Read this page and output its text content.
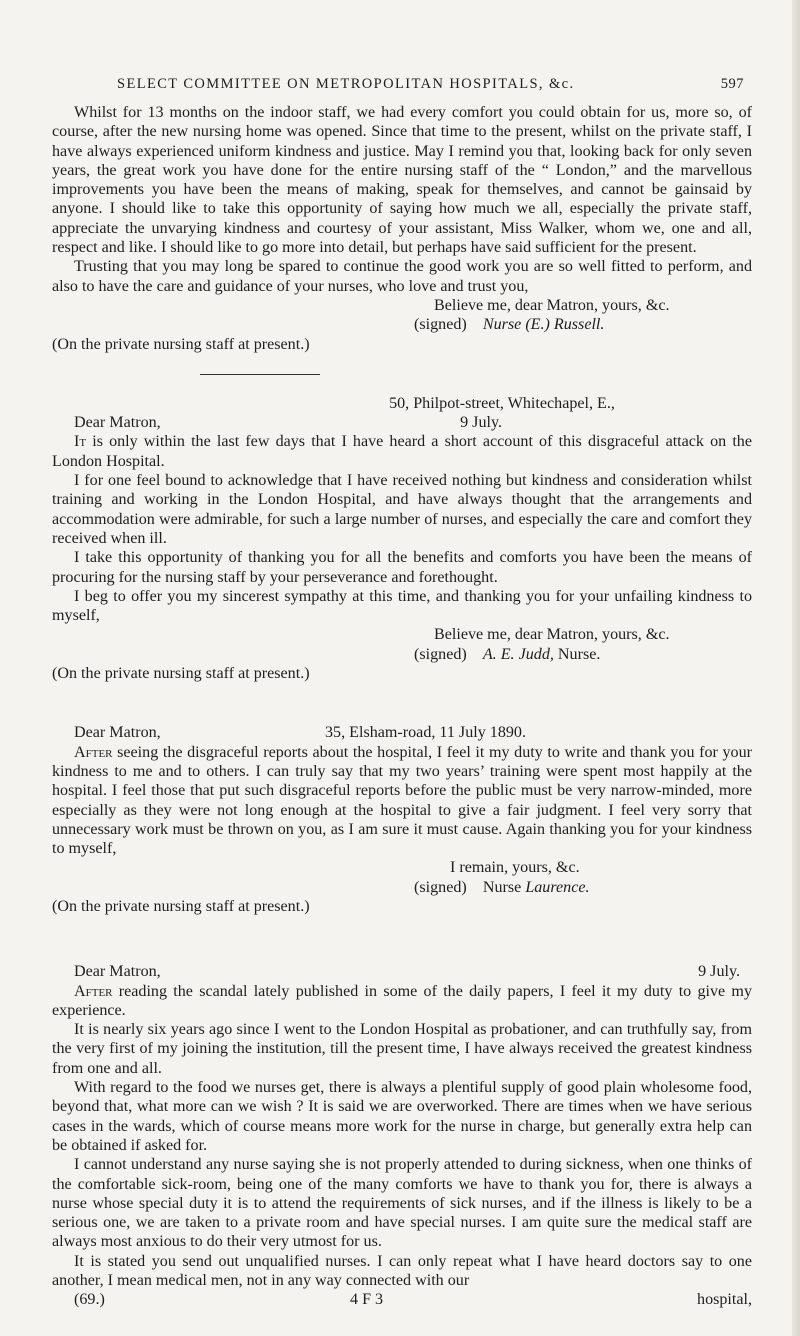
SELECT COMMITTEE ON METROPOLITAN HOSPITALS, &c.	597

Whilst for 13 months on the indoor staff, we had every comfort you could obtain for us, more so, of course, after the new nursing home was opened. Since that time to the present, whilst on the private staff, I have always experienced uniform kindness and justice. May I remind you that, looking back for only seven years, the great work you have done for the entire nursing staff of the “ London,” and the marvellous improvements you have been the means of making, speak for themselves, and cannot be gainsaid by anyone. I should like to take this opportunity of saying how much we all, especially the private staff, appreciate the unvarying kindness and courtesy of your assistant, Miss Walker, whom we, one and all, respect and like. I should like to go more into detail, but perhaps have said sufficient for the present.

Trusting that you may long be spared to continue the good work you are so well fitted to perform, and also to have the care and guidance of your nurses, who love and trust you,

Believe me, dear Matron, yours, &c.

(signed) Nurse (E.) Russell.

(On the private nursing staff at present.)

50, Philpot-street, Whitechapel, E.,

Dear Matron,	9 July.

It is only within the last few days that I have heard a short account of this disgraceful attack on the London Hospital.

I for one feel bound to acknowledge that I have received nothing but kindness and consideration whilst training and working in the London Hospital, and have always thought that the arrangements and accommodation were admirable, for such a large number of nurses, and especially the care and comfort they received when ill.

I take this opportunity of thanking you for all the benefits and comforts you have been the means of procuring for the nursing staff by your perseverance and forethought.

I beg to offer you my sincerest sympathy at this time, and thanking you for your unfailing kindness to myself,

Believe me, dear Matron, yours, &c.

(signed) A. E. Judd, Nurse.

(On the private nursing staff at present.)

Dear Matron,	35, Elsham-road, 11 July 1890.

After seeing the disgraceful reports about the hospital, I feel it my duty to write and thank you for your kindness to me and to others. I can truly say that my two years’ training were spent most happily at the hospital. I feel those that put such disgraceful reports before the public must be very narrow-minded, more especially as they were not long enough at the hospital to give a fair judgment. I feel very sorry that unnecessary work must be thrown on you, as I am sure it must cause. Again thanking you for your kindness to myself,

I remain, yours, &c.

(signed) Nurse Laurence.

(On the private nursing staff at present.)

Dear Matron,	9 July.

After reading the scandal lately published in some of the daily papers, I feel it my duty to give my experience.

It is nearly six years ago since I went to the London Hospital as probationer, and can truthfully say, from the very first of my joining the institution, till the present time, I have always received the greatest kindness from one and all.

With regard to the food we nurses get, there is always a plentiful supply of good plain wholesome food, beyond that, what more can we wish ? It is said we are overworked. There are times when we have serious cases in the wards, which of course means more work for the nurse in charge, but generally extra help can be obtained if asked for.

I cannot understand any nurse saying she is not properly attended to during sickness, when one thinks of the comfortable sick-room, being one of the many comforts we have to thank you for, there is always a nurse whose special duty it is to attend the requirements of sick nurses, and if the illness is likely to be a serious one, we are taken to a private room and have special nurses. I am quite sure the medical staff are always most anxious to do their very utmost for us.

It is stated you send out unqualified nurses. I can only repeat what I have heard doctors say to one another, I mean medical men, not in any way connected with our

(69.)	4 F 3	hospital,
